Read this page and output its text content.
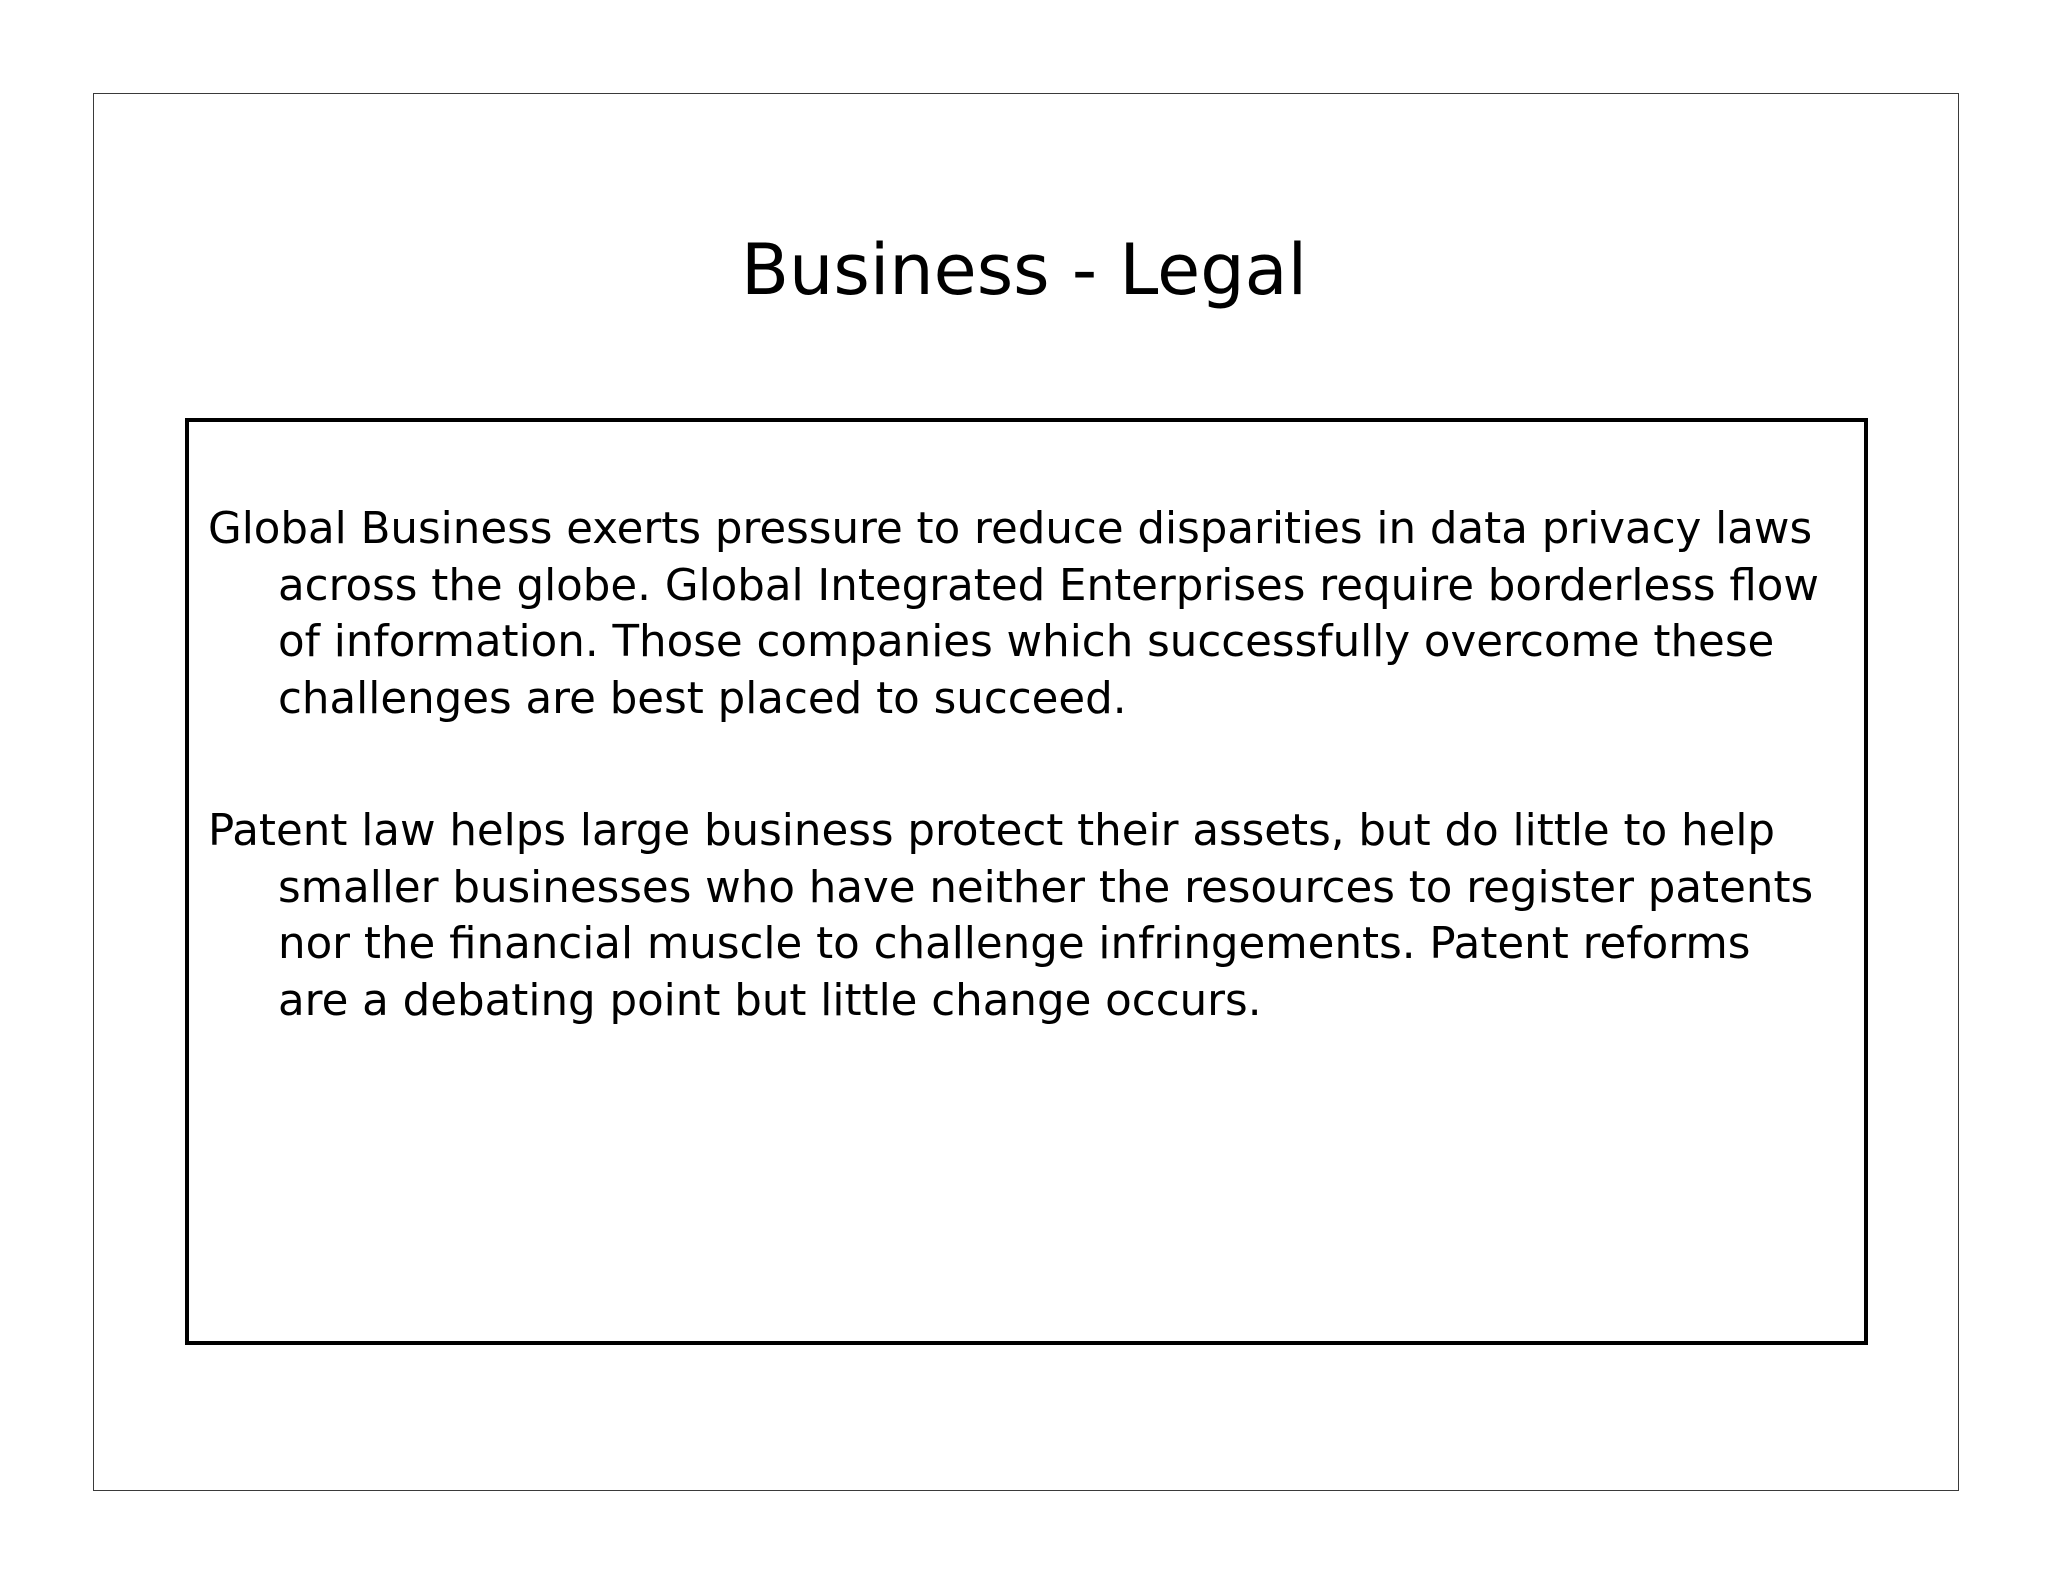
Business - Legal

Global Business exerts pressure to reduce disparities in data privacy laws across the globe. Global Integrated Enterprises require borderless flow of information. Those companies which successfully overcome these challenges are best placed to succeed.

Patent law helps large business protect their assets, but do little to help smaller businesses who have neither the resources to register patents nor the financial muscle to challenge infringements. Patent reforms are a debating point but little change occurs.
